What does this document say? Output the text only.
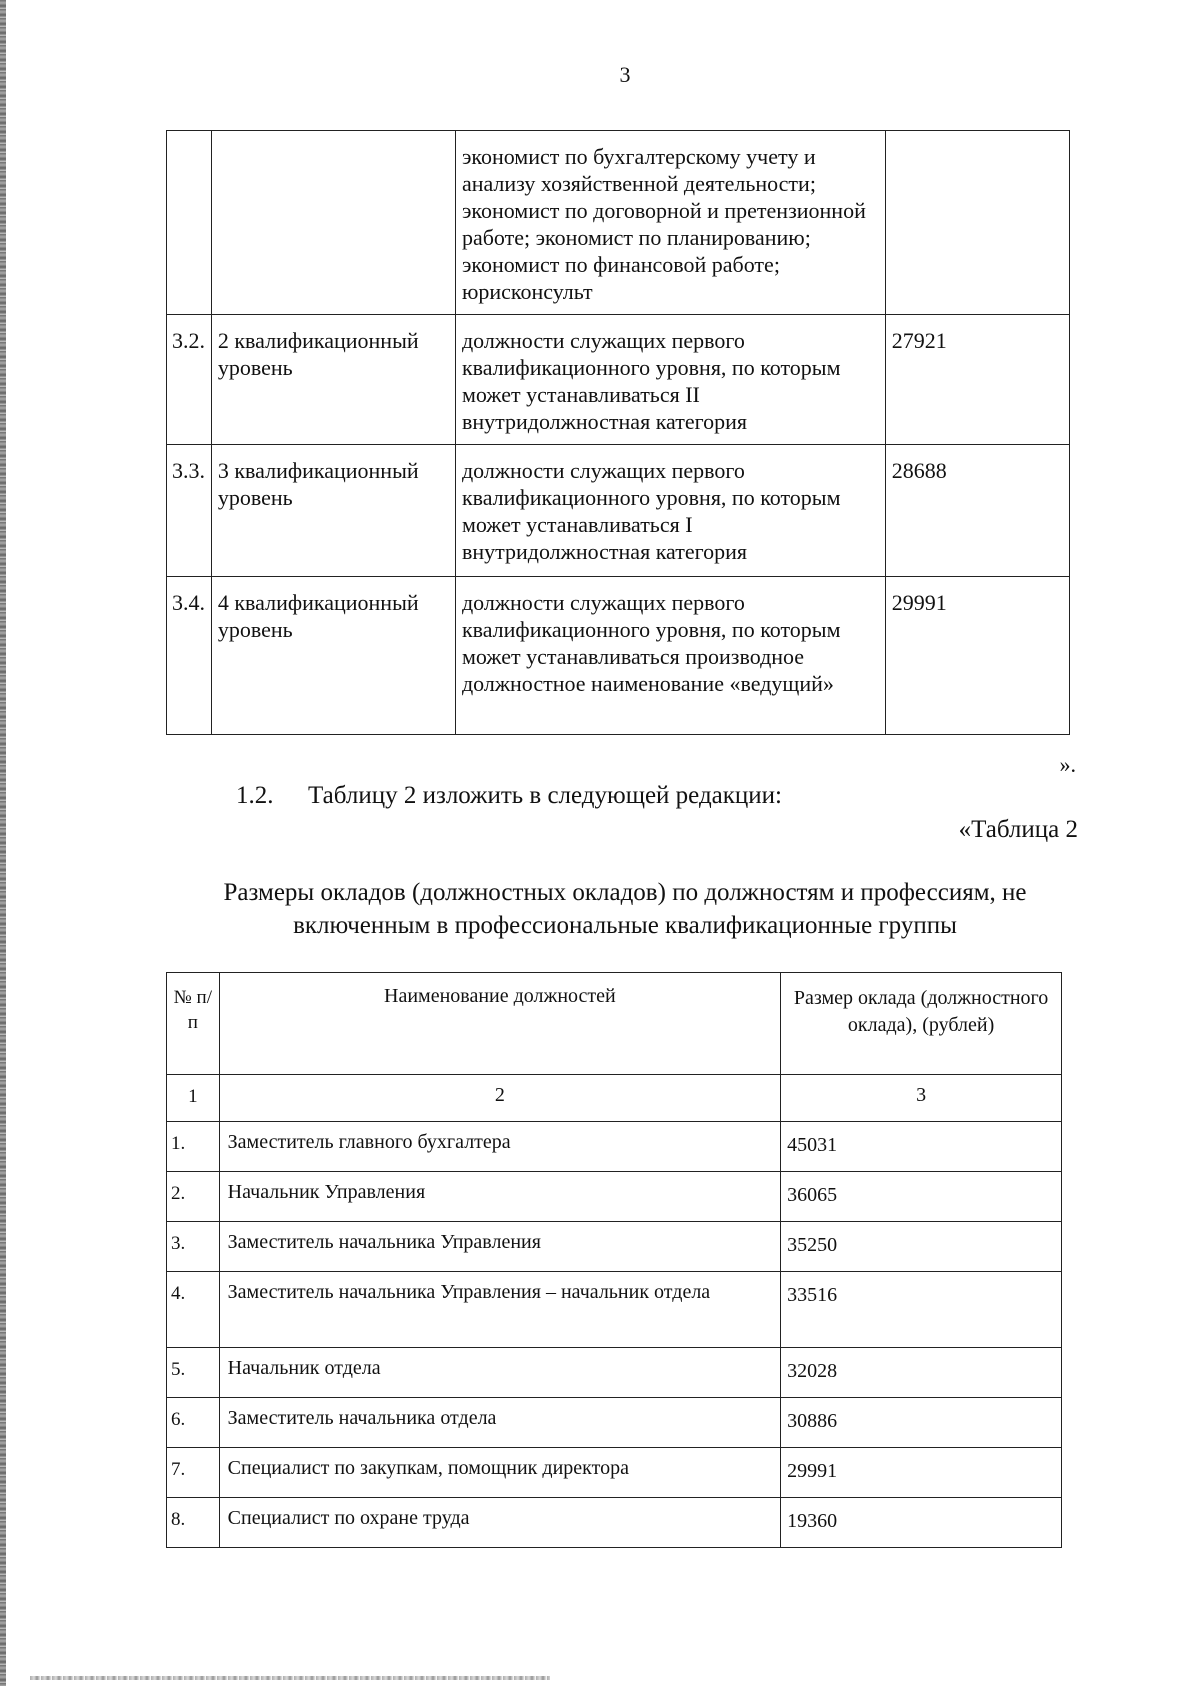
3
		экономист по бухгалтерскому учету и анализу хозяйственной деятельности; экономист по договорной и претензионной работе; экономист по планированию; экономист по финансовой работе; юрисконсульт	
3.2.	2 квалификационный уровень	должности служащих первого квалификационного уровня, по которым может устанавливаться II внутридолжностная категория	27921
3.3.	3 квалификационный уровень	должности служащих первого квалификационного уровня, по которым может устанавливаться I внутридолжностная категория	28688
3.4.	4 квалификационный уровень	должности служащих первого квалификационного уровня, по которым может устанавливаться производное должностное наименование «ведущий»	29991
».
1.2. Таблицу 2 изложить в следующей редакции:
«Таблица 2
Размеры окладов (должностных окладов) по должностям и профессиям, не включенным в профессиональные квалификационные группы
№ п/п	Наименование должностей	Размер оклада (должностного оклада), (рублей)
1	2	3
1.	Заместитель главного бухгалтера	45031
2.	Начальник Управления	36065
3.	Заместитель начальника Управления	35250
4.	Заместитель начальника Управления – начальник отдела	33516
5.	Начальник отдела	32028
6.	Заместитель начальника отдела	30886
7.	Специалист по закупкам, помощник директора	29991
8.	Специалист по охране труда	19360
